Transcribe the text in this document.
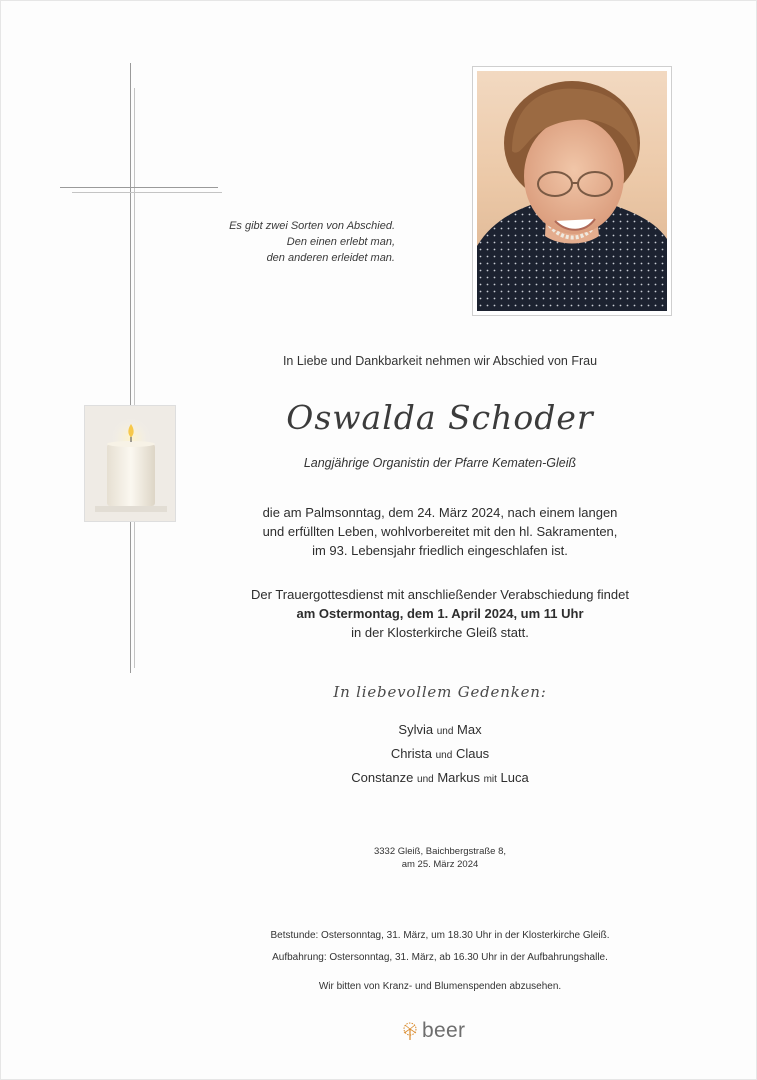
Es gibt zwei Sorten von Abschied.
Den einen erlebt man,
den anderen erleidet man.
In Liebe und Dankbarkeit nehmen wir Abschied von Frau
Oswalda Schoder
Langjährige Organistin der Pfarre Kematen-Gleiß
die am Palmsonntag, dem 24. März 2024, nach einem langen
und erfüllten Leben, wohlvorbereitet mit den hl. Sakramenten,
im 93. Lebensjahr friedlich eingeschlafen ist.
Der Trauergottesdienst mit anschließender Verabschiedung findet
am Ostermontag, dem 1. April 2024, um 11 Uhr
in der Klosterkirche Gleiß statt.
In liebevollem Gedenken:
Sylvia und Max
Christa und Claus
Constanze und Markus mit Luca
3332 Gleiß, Baichbergstraße 8,
am 25. März 2024
Betstunde: Ostersonntag, 31. März, um 18.30 Uhr in der Klosterkirche Gleiß.
Aufbahrung: Ostersonntag, 31. März, ab 16.30 Uhr in der Aufbahrungshalle.
Wir bitten von Kranz- und Blumenspenden abzusehen.
beer
